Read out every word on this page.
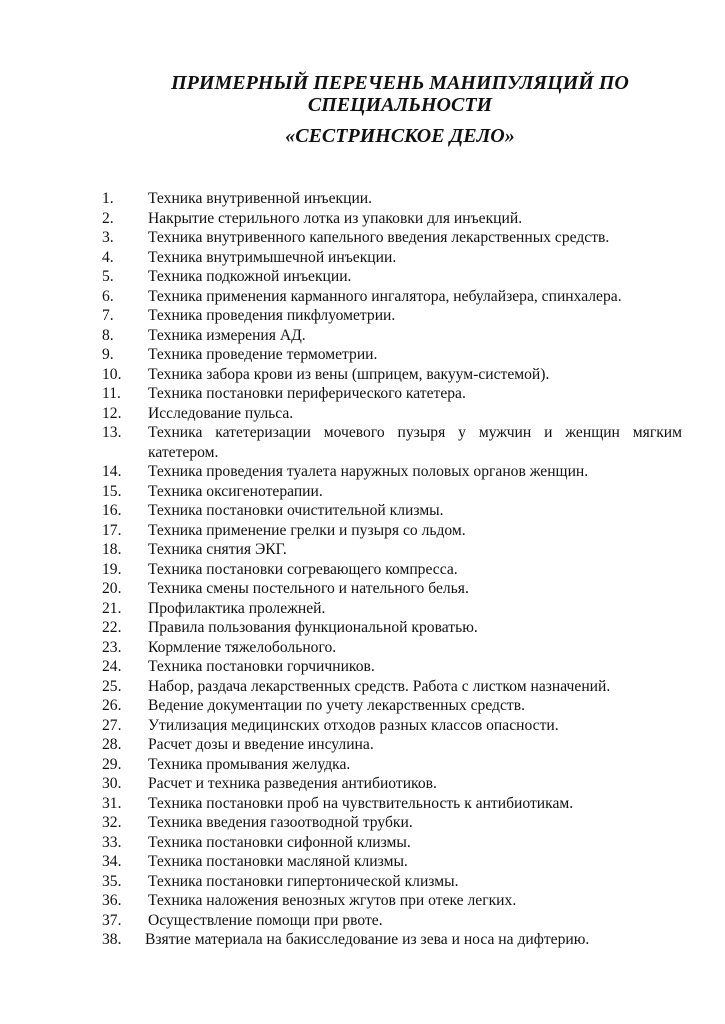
ПРИМЕРНЫЙ ПЕРЕЧЕНЬ МАНИПУЛЯЦИЙ ПО СПЕЦИАЛЬНОСТИ
«СЕСТРИНСКОЕ ДЕЛО»
1.	Техника внутривенной инъекции.
2.	Накрытие стерильного лотка из упаковки для инъекций.
3.	Техника внутривенного капельного введения лекарственных средств.
4.	Техника внутримышечной инъекции.
5.	Техника подкожной инъекции.
6.	Техника применения карманного ингалятора, небулайзера, спинхалера.
7.	Техника проведения пикфлуометрии.
8.	Техника измерения АД.
9.	Техника проведение термометрии.
10.	Техника забора крови из вены (шприцем, вакуум-системой).
11.	Техника постановки периферического катетера.
12.	Исследование пульса.
13.	Техника катетеризации мочевого пузыря у мужчин и женщин мягким катетером.
14.	Техника проведения туалета наружных половых органов женщин.
15.	Техника оксигенотерапии.
16.	Техника постановки очистительной клизмы.
17.	Техника применение грелки и пузыря со льдом.
18.	Техника снятия ЭКГ.
19.	Техника постановки согревающего компресса.
20.	Техника смены постельного и нательного белья.
21.	Профилактика пролежней.
22.	Правила пользования функциональной кроватью.
23.	Кормление тяжелобольного.
24.	Техника постановки горчичников.
25.	Набор, раздача лекарственных средств. Работа с листком назначений.
26.	Ведение документации по учету лекарственных средств.
27.	Утилизация медицинских отходов разных классов опасности.
28.	Расчет дозы и введение инсулина.
29.	Техника промывания желудка.
30.	Расчет и техника разведения антибиотиков.
31.	Техника постановки проб на чувствительность к антибиотикам.
32.	Техника введения газоотводной трубки.
33.	Техника постановки сифонной клизмы.
34.	Техника постановки масляной клизмы.
35.	Техника постановки гипертонической клизмы.
36.	Техника наложения венозных жгутов при отеке легких.
37.	Осуществление помощи при рвоте.
38.	Взятие материала на бакисследование из зева и носа на дифтерию.
